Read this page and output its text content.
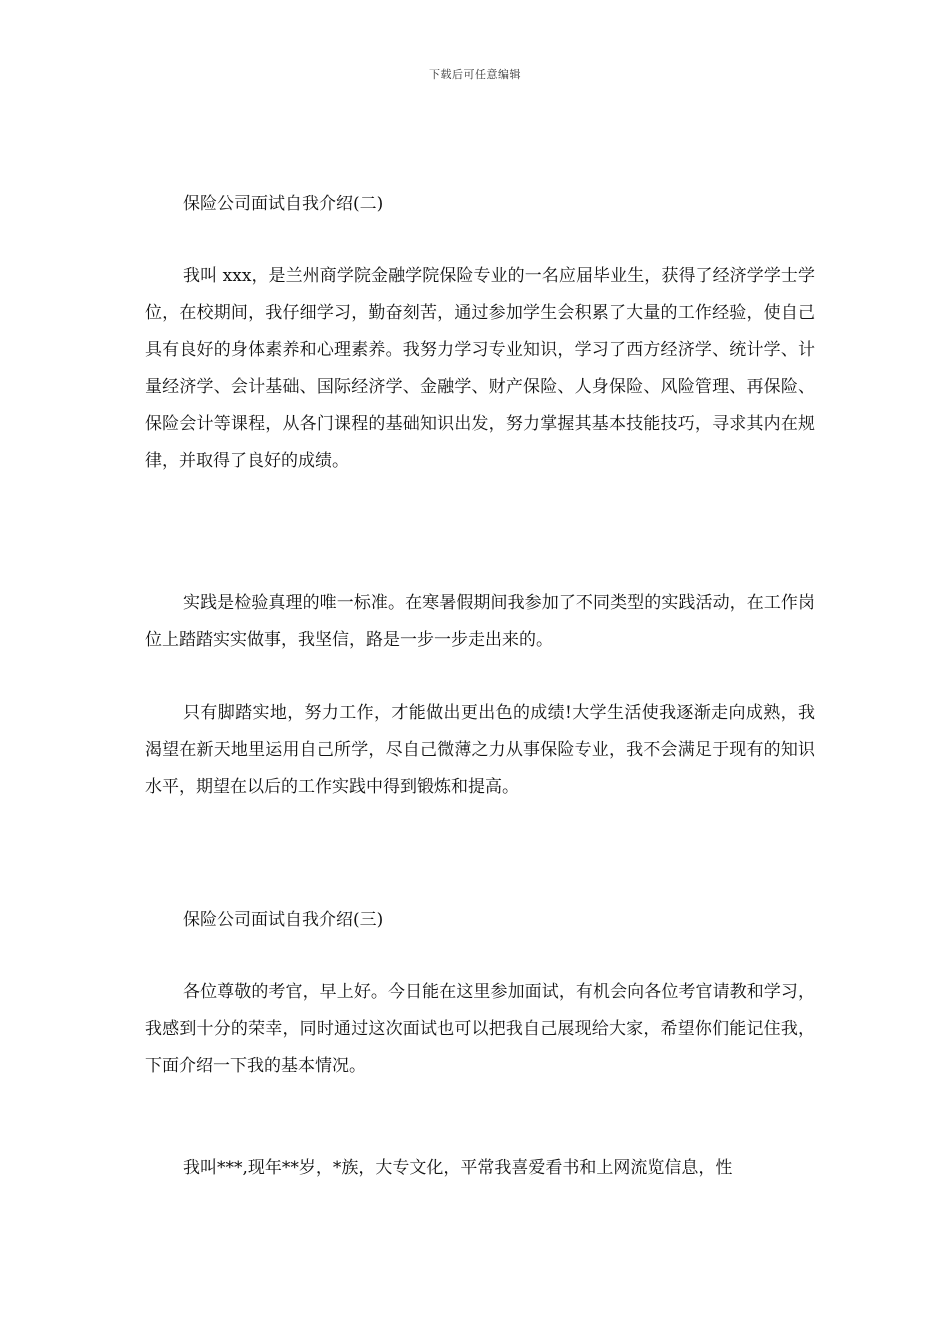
下载后可任意编辑
保险公司面试自我介绍(二)

我叫 xxx，是兰州商学院金融学院保险专业的一名应届毕业生，获得了经济学学士学位，在校期间，我仔细学习，勤奋刻苦，通过参加学生会积累了大量的工作经验，使自己具有良好的身体素养和心理素养。我努力学习专业知识，学习了西方经济学、统计学、计量经济学、会计基础、国际经济学、金融学、财产保险、人身保险、风险管理、再保险、保险会计等课程，从各门课程的基础知识出发，努力掌握其基本技能技巧，寻求其内在规律，并取得了良好的成绩。

实践是检验真理的唯一标准。在寒暑假期间我参加了不同类型的实践活动，在工作岗位上踏踏实实做事，我坚信，路是一步一步走出来的。

只有脚踏实地，努力工作，才能做出更出色的成绩!大学生活使我逐渐走向成熟，我渴望在新天地里运用自己所学，尽自己微薄之力从事保险专业，我不会满足于现有的知识水平，期望在以后的工作实践中得到锻炼和提高。

保险公司面试自我介绍(三)

各位尊敬的考官，早上好。今日能在这里参加面试，有机会向各位考官请教和学习，我感到十分的荣幸，同时通过这次面试也可以把我自己展现给大家，希望你们能记住我，下面介绍一下我的基本情况。

我叫***,现年**岁，*族，大专文化，平常我喜爱看书和上网流览信息，性
